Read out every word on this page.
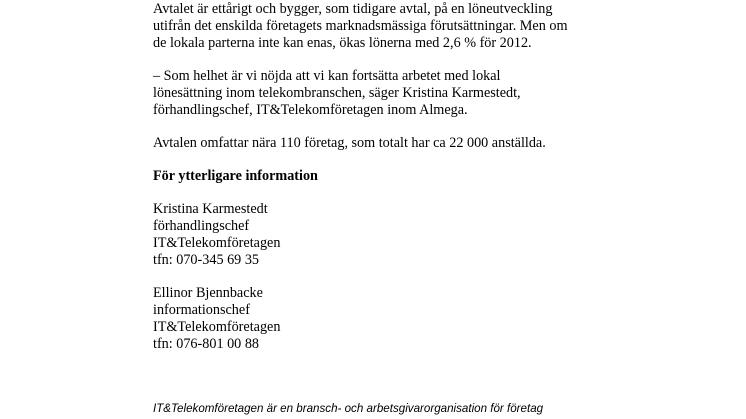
Avtalet är ettårigt och bygger, som tidigare avtal, på en löneutveckling
utifrån det enskilda företagets marknadsmässiga förutsättningar. Men om
de lokala parterna inte kan enas, ökas lönerna med 2,6 % för 2012.

– Som helhet är vi nöjda att vi kan fortsätta arbetet med lokal
lönesättning inom telekombranschen, säger Kristina Karmestedt,
förhandlingschef, IT&Telekomföretagen inom Almega.

Avtalen omfattar nära 110 företag, som totalt har ca 22 000 anställda.

För ytterligare information

Kristina Karmestedt
förhandlingschef
IT&Telekomföretagen
tfn: 070-345 69 35
Ellinor Bjennbacke
informationschef
IT&Telekomföretagen
tfn: 076-801 00 88
IT&Telekomföretagen är en bransch- och arbetsgivarorganisation för företag
